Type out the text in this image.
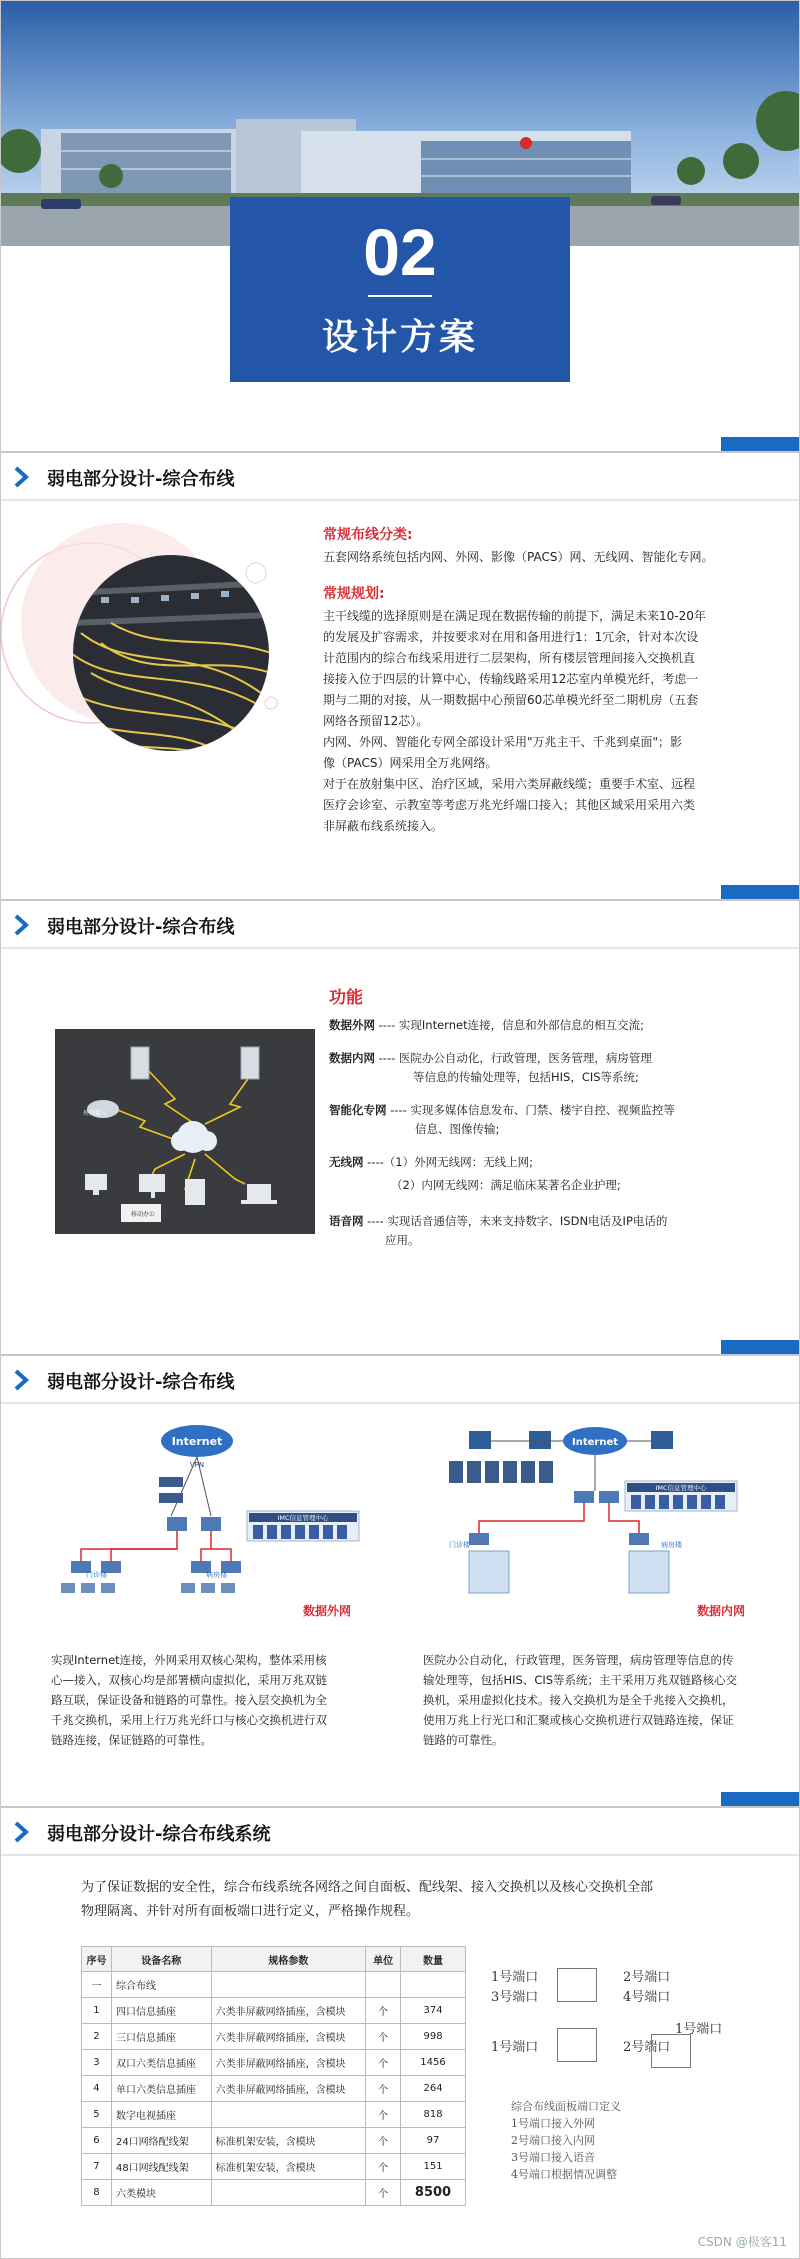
02
设计方案
弱电部分设计-综合布线
常规布线分类:

五套网络系统包括内网、外网、影像（PACS）网、无线网、智能化专网。

常规规划:

主干线缆的选择原则是在满足现在数据传输的前提下，满足未来10-20年
的发展及扩容需求，并按要求对在用和备用进行1：1冗余，针对本次设
计范围内的综合布线采用进行二层架构，所有楼层管理间接入交换机直
接接入位于四层的计算中心，传输线路采用12芯室内单模光纤，考虑一
期与二期的对接，从一期数据中心预留60芯单模光纤至二期机房（五套
网络各预留12芯）。

内网、外网、智能化专网全部设计采用"万兆主干、千兆到桌面"；影
像（PACS）网采用全万兆网络。

对于在放射集中区、治疗区域，采用六类屏蔽线缆；重要手术室、远程
医疗会诊室、示教室等考虑万兆光纤端口接入；其他区域采用采用六类
非屏蔽布线系统接入。

弱电部分设计-综合布线
外网接入
移动办公
功能
数据外网 ---- 实现Internet连接，信息和外部信息的相互交流;
数据内网 ---- 医院办公自动化，行政管理，医务管理，病房管理
等信息的传输处理等，包括HIS，CIS等系统;
智能化专网 ---- 实现多媒体信息发布、门禁、楼宇自控、视频监控等
信息、图像传输;
无线网 ----（1）外网无线网：无线上网;
（2）内网无线网：满足临床某著名企业护理;
语音网 ---- 实现话音通信等，未来支持数字、ISDN电话及IP电话的
应用。
弱电部分设计-综合布线
Internet
VPN
IMC信息管理中心
门诊楼	病房楼
数据外网
Internet
IMC信息管理中心
门诊楼	病房楼
数据内网

实现Internet连接，外网采用双核心架构，整体采用核
心—接入，双核心均是部署横向虚拟化，采用万兆双链
路互联，保证设备和链路的可靠性。接入层交换机为全
千兆交换机，采用上行万兆光纤口与核心交换机进行双
链路连接，保证链路的可靠性。

医院办公自动化，行政管理，医务管理，病房管理等信息的传
输处理等，包括HIS、CIS等系统；主干采用万兆双链路核心交
换机，采用虚拟化技术。接入交换机为是全千兆接入交换机，
使用万兆上行光口和汇聚或核心交换机进行双链路连接，保证
链路的可靠性。

弱电部分设计-综合布线系统

为了保证数据的安全性，综合布线系统各网络之间自面板、配线架、接入交换机以及核心交换机全部
物理隔离、并针对所有面板端口进行定义，严格操作规程。

序号	设备名称	规格参数	单位	数量
一	综合布线			
1	四口信息插座	六类非屏蔽网络插座，含模块	个	374
2	三口信息插座	六类非屏蔽网络插座，含模块	个	998
3	双口六类信息插座	六类非屏蔽网络插座，含模块	个	1456
4	单口六类信息插座	六类非屏蔽网络插座，含模块	个	264
5	数字电视插座		个	818
6	24口网络配线架	标准机架安装，含模块	个	97
7	48口网线配线架	标准机架安装，含模块	个	151
8	六类模块		个	8500
1号端口
3号端口
2号端口
4号端口
1号端口	2号端口
1号端口
综合布线面板端口定义
1号端口接入外网
2号端口接入内网
3号端口接入语音
4号端口根据情况调整
CSDN @极客11
